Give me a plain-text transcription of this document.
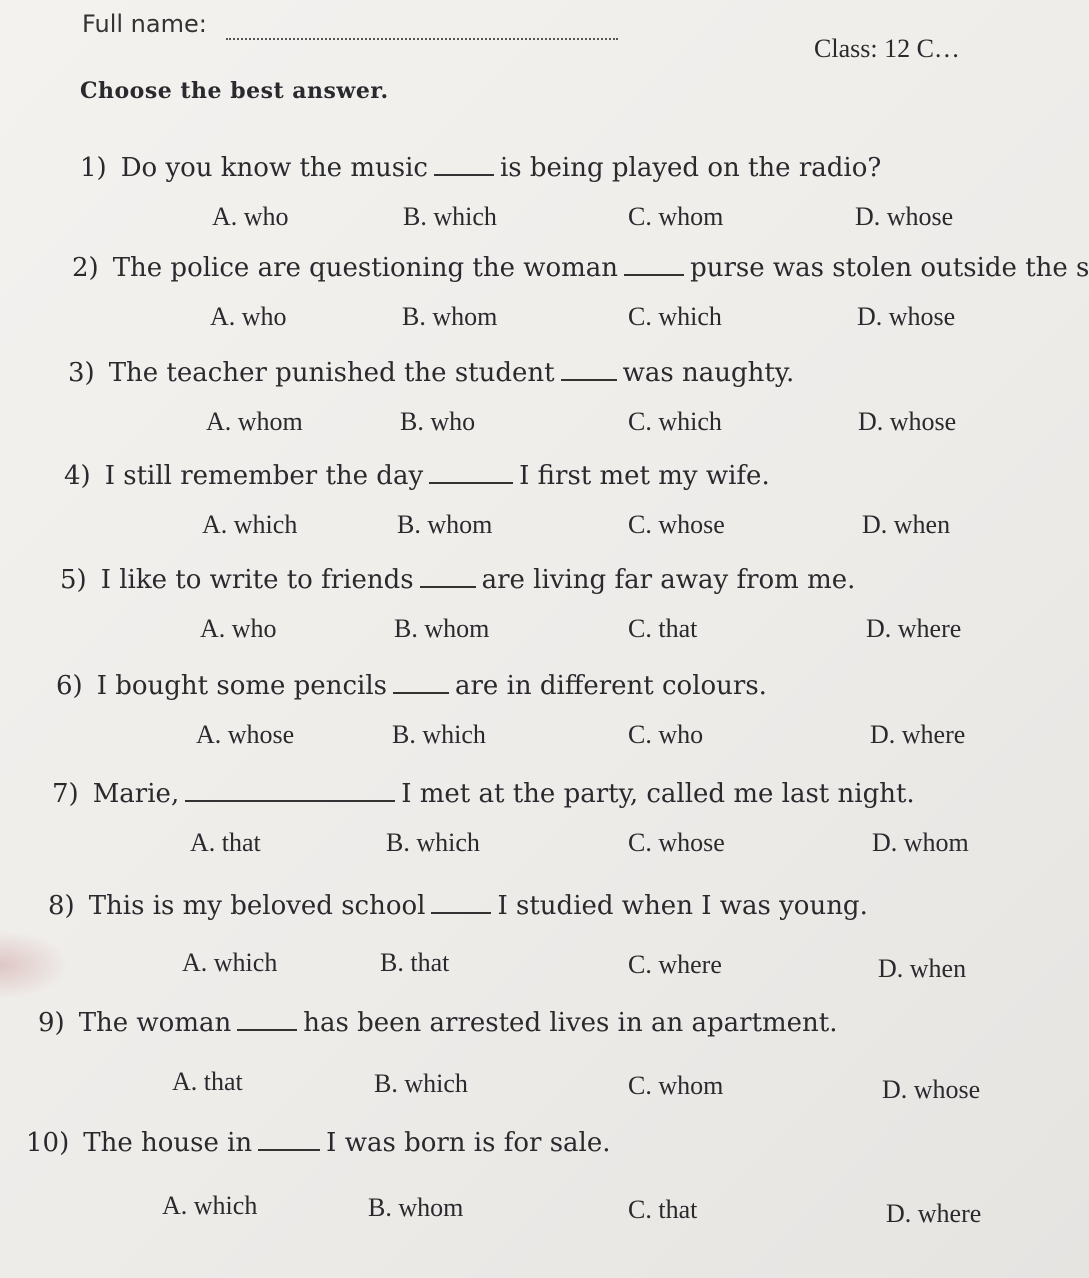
Full name:
Class: 12 C…
Choose the best answer.
1) Do you know the music	is being played on the radio?
A. who	B. which	C. whom	D. whose
2) The police are questioning the woman	purse was stolen outside the s
A. who	B. whom	C. which	D. whose
3) The teacher punished the student	was naughty.
A. whom	B. who	C. which	D. whose
4) I still remember the day	I first met my wife.
A. which	B. whom	C. whose	D. when
5) I like to write to friends	are living far away from me.
A. who	B. whom	C. that	D. where
6) I bought some pencils	are in different colours.
A. whose	B. which	C. who	D. where
7) Marie,	I met at the party, called me last night.
A. that	B. which	C. whose	D. whom
8) This is my beloved school	I studied when I was young.
A. which	B. that	C. where	D. when
9) The woman	has been arrested lives in an apartment.
A. that	B. which	C. whom	D. whose
10) The house in	I was born is for sale.
A. which	B. whom	C. that	D. where
